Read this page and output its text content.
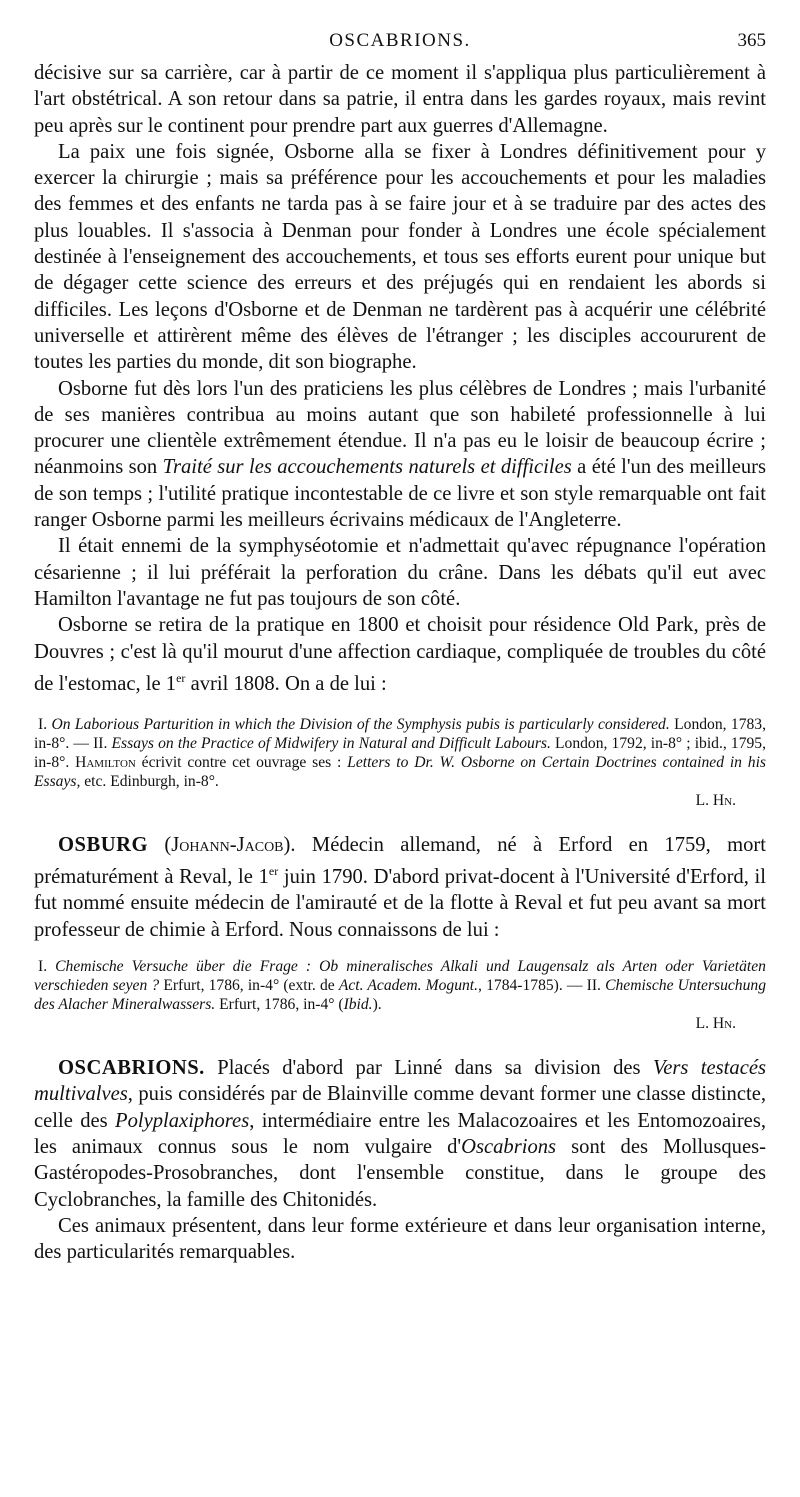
OSCABRIONS.	365

décisive sur sa carrière, car à partir de ce moment il s'appliqua plus particulièrement à l'art obstétrical. A son retour dans sa patrie, il entra dans les gardes royaux, mais revint peu après sur le continent pour prendre part aux guerres d'Allemagne.

La paix une fois signée, Osborne alla se fixer à Londres définitivement pour y exercer la chirurgie ; mais sa préférence pour les accouchements et pour les maladies des femmes et des enfants ne tarda pas à se faire jour et à se traduire par des actes des plus louables. Il s'associa à Denman pour fonder à Londres une école spécialement destinée à l'enseignement des accouchements, et tous ses efforts eurent pour unique but de dégager cette science des erreurs et des préjugés qui en rendaient les abords si difficiles. Les leçons d'Osborne et de Denman ne tardèrent pas à acquérir une célébrité universelle et attirèrent même des élèves de l'étranger ; les disciples accoururent de toutes les parties du monde, dit son biographe.

Osborne fut dès lors l'un des praticiens les plus célèbres de Londres ; mais l'urbanité de ses manières contribua au moins autant que son habileté professionnelle à lui procurer une clientèle extrêmement étendue. Il n'a pas eu le loisir de beaucoup écrire ; néanmoins son Traité sur les accouchements naturels et difficiles a été l'un des meilleurs de son temps ; l'utilité pratique incontestable de ce livre et son style remarquable ont fait ranger Osborne parmi les meilleurs écrivains médicaux de l'Angleterre.

Il était ennemi de la symphyséotomie et n'admettait qu'avec répugnance l'opération césarienne ; il lui préférait la perforation du crâne. Dans les débats qu'il eut avec Hamilton l'avantage ne fut pas toujours de son côté.

Osborne se retira de la pratique en 1800 et choisit pour résidence Old Park, près de Douvres ; c'est là qu'il mourut d'une affection cardiaque, compliquée de troubles du côté de l'estomac, le 1er avril 1808. On a de lui :

I. On Laborious Parturition in which the Division of the Symphysis pubis is particularly considered. London, 1783, in-8°. — II. Essays on the Practice of Midwifery in Natural and Difficult Labours. London, 1792, in-8° ; ibid., 1795, in-8°. Hamilton écrivit contre cet ouvrage ses : Letters to Dr. W. Osborne on Certain Doctrines contained in his Essays, etc. Edinburgh, in-8°.

L. Hn.

OSBURG (Johann-Jacob). Médecin allemand, né à Erford en 1759, mort prématurément à Reval, le 1er juin 1790. D'abord privat-docent à l'Université d'Erford, il fut nommé ensuite médecin de l'amirauté et de la flotte à Reval et fut peu avant sa mort professeur de chimie à Erford. Nous connaissons de lui :

I. Chemische Versuche über die Frage : Ob mineralisches Alkali und Laugensalz als Arten oder Varietäten verschieden seyen ? Erfurt, 1786, in-4° (extr. de Act. Academ. Mogunt., 1784-1785). — II. Chemische Untersuchung des Alacher Mineralwassers. Erfurt, 1786, in-4° (Ibid.).

L. Hn.

OSCABRIONS. Placés d'abord par Linné dans sa division des Vers testacés multivalves, puis considérés par de Blainville comme devant former une classe distincte, celle des Polyplaxiphores, intermédiaire entre les Malacozoaires et les Entomozoaires, les animaux connus sous le nom vulgaire d'Oscabrions sont des Mollusques-Gastéropodes-Prosobranches, dont l'ensemble constitue, dans le groupe des Cyclobranches, la famille des Chitonidés.

Ces animaux présentent, dans leur forme extérieure et dans leur organisation interne, des particularités remarquables.
